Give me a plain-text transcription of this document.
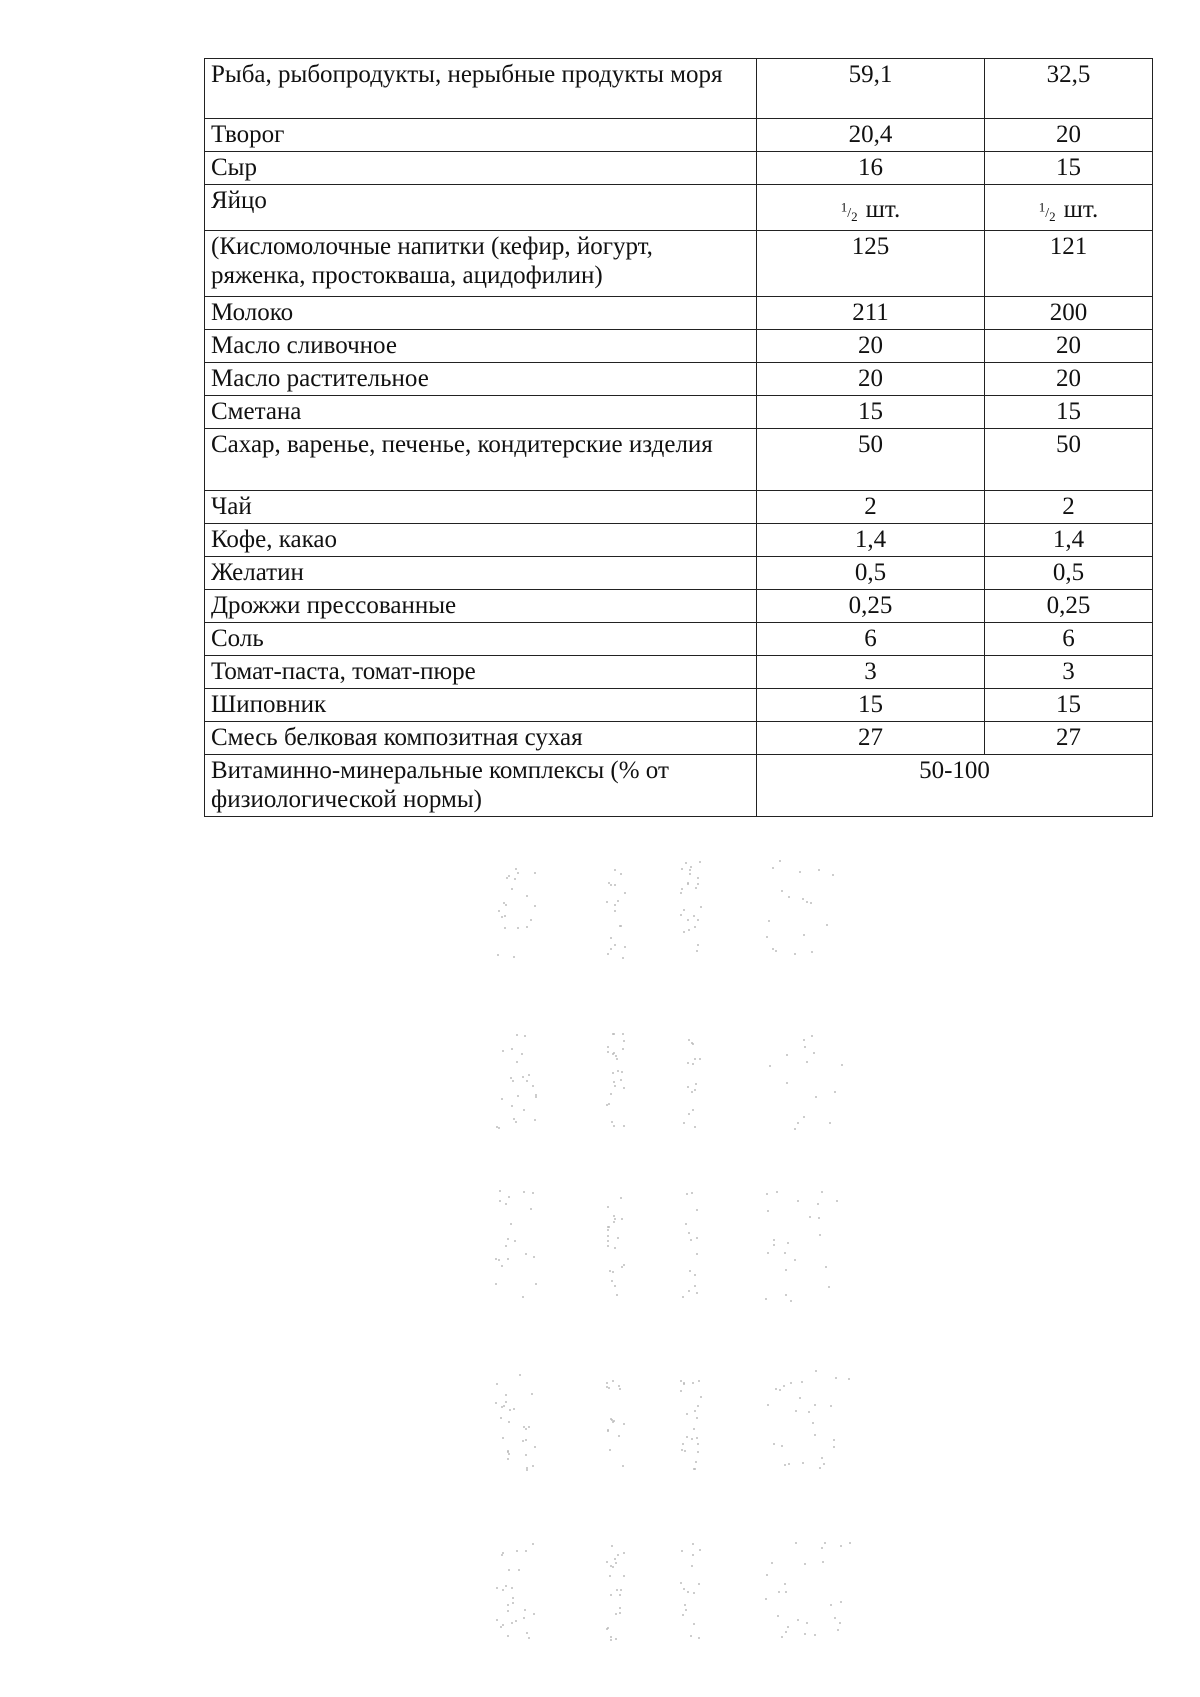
Рыба, рыбопродукты, нерыбные продукты моря	59,1	32,5
Творог	20,4	20
Сыр	16	15
Яйцо	$^1/_2$ шт.	$^1/_2$ шт.
(Кисломолочные напитки (кефир, йогурт, ряженка, простокваша, ацидофилин)	125	121
Молоко	211	200
Масло сливочное	20	20
Масло растительное	20	20
Сметана	15	15
Сахар, варенье, печенье, кондитерские изделия	50	50
Чай	2	2
Кофе, какао	1,4	1,4
Желатин	0,5	0,5
Дрожжи прессованные	0,25	0,25
Соль	6	6
Томат-паста, томат-пюре	3	3
Шиповник	15	15
Смесь белковая композитная сухая	27	27
Витаминно-минеральные комплексы (% от физиологической нормы)	50-100	
